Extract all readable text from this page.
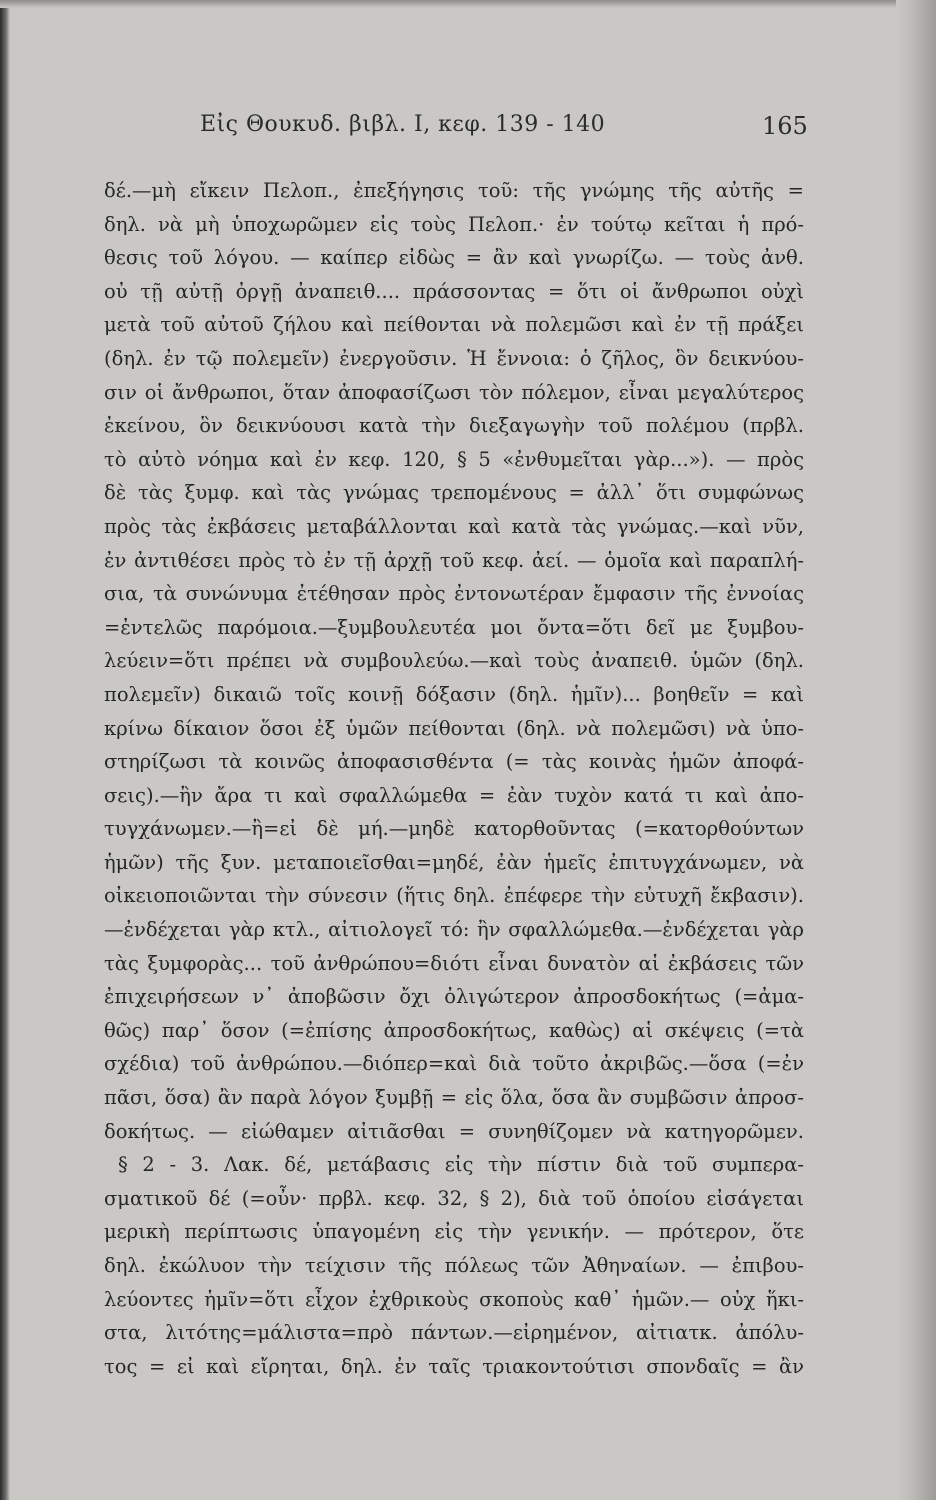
Εἰς Θουκυδ. βιβλ. Ι, κεφ. 139 - 140	165
δέ.—μὴ εἴκειν Πελοπ., ἐπεξήγησις τοῦ: τῆς γνώμης τῆς αὐτῆς =
δηλ. νὰ μὴ ὑποχωρῶμεν εἰς τοὺς Πελοπ.· ἐν τούτῳ κεῖται ἡ πρό-
θεσις τοῦ λόγου. — καίπερ εἰδὼς = ἂν καὶ γνωρίζω. — τοὺς ἀνθ.
οὐ τῇ αὐτῇ ὀργῇ ἀναπειθ.... πράσσοντας = ὅτι οἱ ἄνθρωποι οὐχὶ
μετὰ τοῦ αὐτοῦ ζήλου καὶ πείθονται νὰ πολεμῶσι καὶ ἐν τῇ πράξει
(δηλ. ἐν τῷ πολεμεῖν) ἐνεργοῦσιν. Ἡ ἔννοια: ὁ ζῆλος, ὃν δεικνύου-
σιν οἱ ἄνθρωποι, ὅταν ἀποφασίζωσι τὸν πόλεμον, εἶναι μεγαλύτερος
ἐκείνου, ὃν δεικνύουσι κατὰ τὴν διεξαγωγὴν τοῦ πολέμου (πρβλ.
τὸ αὐτὸ νόημα καὶ ἐν κεφ. 120, § 5 «ἐνθυμεῖται γὰρ...»). — πρὸς
δὲ τὰς ξυμφ. καὶ τὰς γνώμας τρεπομένους = ἀλλ᾽ ὅτι συμφώνως
πρὸς τὰς ἐκβάσεις μεταβάλλονται καὶ κατὰ τὰς γνώμας.—καὶ νῦν,
ἐν ἀντιθέσει πρὸς τὸ ἐν τῇ ἀρχῇ τοῦ κεφ. ἀεί. — ὁμοῖα καὶ παραπλή-
σια, τὰ συνώνυμα ἐτέθησαν πρὸς ἐντονωτέραν ἔμφασιν τῆς ἐννοίας
=ἐντελῶς παρόμοια.—ξυμβουλευτέα μοι ὄντα=ὅτι δεῖ με ξυμβου-
λεύειν=ὅτι πρέπει νὰ συμβουλεύω.—καὶ τοὺς ἀναπειθ. ὑμῶν (δηλ.
πολεμεῖν) δικαιῶ τοῖς κοινῇ δόξασιν (δηλ. ἡμῖν)... βοηθεῖν = καὶ
κρίνω δίκαιον ὅσοι ἐξ ὑμῶν πείθονται (δηλ. νὰ πολεμῶσι) νὰ ὑπο-
στηρίζωσι τὰ κοινῶς ἀποφασισθέντα (= τὰς κοινὰς ἡμῶν ἀποφά-
σεις).—ἢν ἄρα τι καὶ σφαλλώμεθα = ἐὰν τυχὸν κατά τι καὶ ἀπο-
τυγχάνωμεν.—ἢ=εἰ δὲ μή.—μηδὲ κατορθοῦντας (=κατορθούντων
ἡμῶν) τῆς ξυν. μεταποιεῖσθαι=μηδέ, ἐὰν ἡμεῖς ἐπιτυγχάνωμεν, νὰ
οἰκειοποιῶνται τὴν σύνεσιν (ἥτις δηλ. ἐπέφερε τὴν εὐτυχῆ ἔκβασιν).
—ἐνδέχεται γὰρ κτλ., αἰτιολογεῖ τό: ἢν σφαλλώμεθα.—ἐνδέχεται γὰρ
τὰς ξυμφορὰς... τοῦ ἀνθρώπου=διότι εἶναι δυνατὸν αἱ ἐκβάσεις τῶν
ἐπιχειρήσεων ν᾽ ἀποβῶσιν ὄχι ὀλιγώτερον ἀπροσδοκήτως (=ἀμα-
θῶς) παρ᾽ ὅσον (=ἐπίσης ἀπροσδοκήτως, καθὼς) αἱ σκέψεις (=τὰ
σχέδια) τοῦ ἀνθρώπου.—διόπερ=καὶ διὰ τοῦτο ἀκριβῶς.—ὅσα (=ἐν
πᾶσι, ὅσα) ἂν παρὰ λόγον ξυμβῇ = εἰς ὅλα, ὅσα ἂν συμβῶσιν ἀπροσ-
δοκήτως. — εἰώθαμεν αἰτιᾶσθαι = συνηθίζομεν νὰ κατηγορῶμεν.
§ 2 - 3. Λακ. δέ, μετάβασις εἰς τὴν πίστιν διὰ τοῦ συμπερα-
σματικοῦ δέ (=οὖν· πρβλ. κεφ. 32, § 2), διὰ τοῦ ὁποίου εἰσάγεται
μερικὴ περίπτωσις ὑπαγομένη εἰς τὴν γενικήν. — πρότερον, ὅτε
δηλ. ἐκώλυον τὴν τείχισιν τῆς πόλεως τῶν Ἀθηναίων. — ἐπιβου-
λεύοντες ἡμῖν=ὅτι εἶχον ἐχθρικοὺς σκοποὺς καθ᾽ ἡμῶν.— οὐχ ἥκι-
στα, λιτότης=μάλιστα=πρὸ πάντων.—εἰρημένον, αἰτιατκ. ἀπόλυ-
τος = εἰ καὶ εἴρηται, δηλ. ἐν ταῖς τριακοντούτισι σπονδαῖς = ἂν
